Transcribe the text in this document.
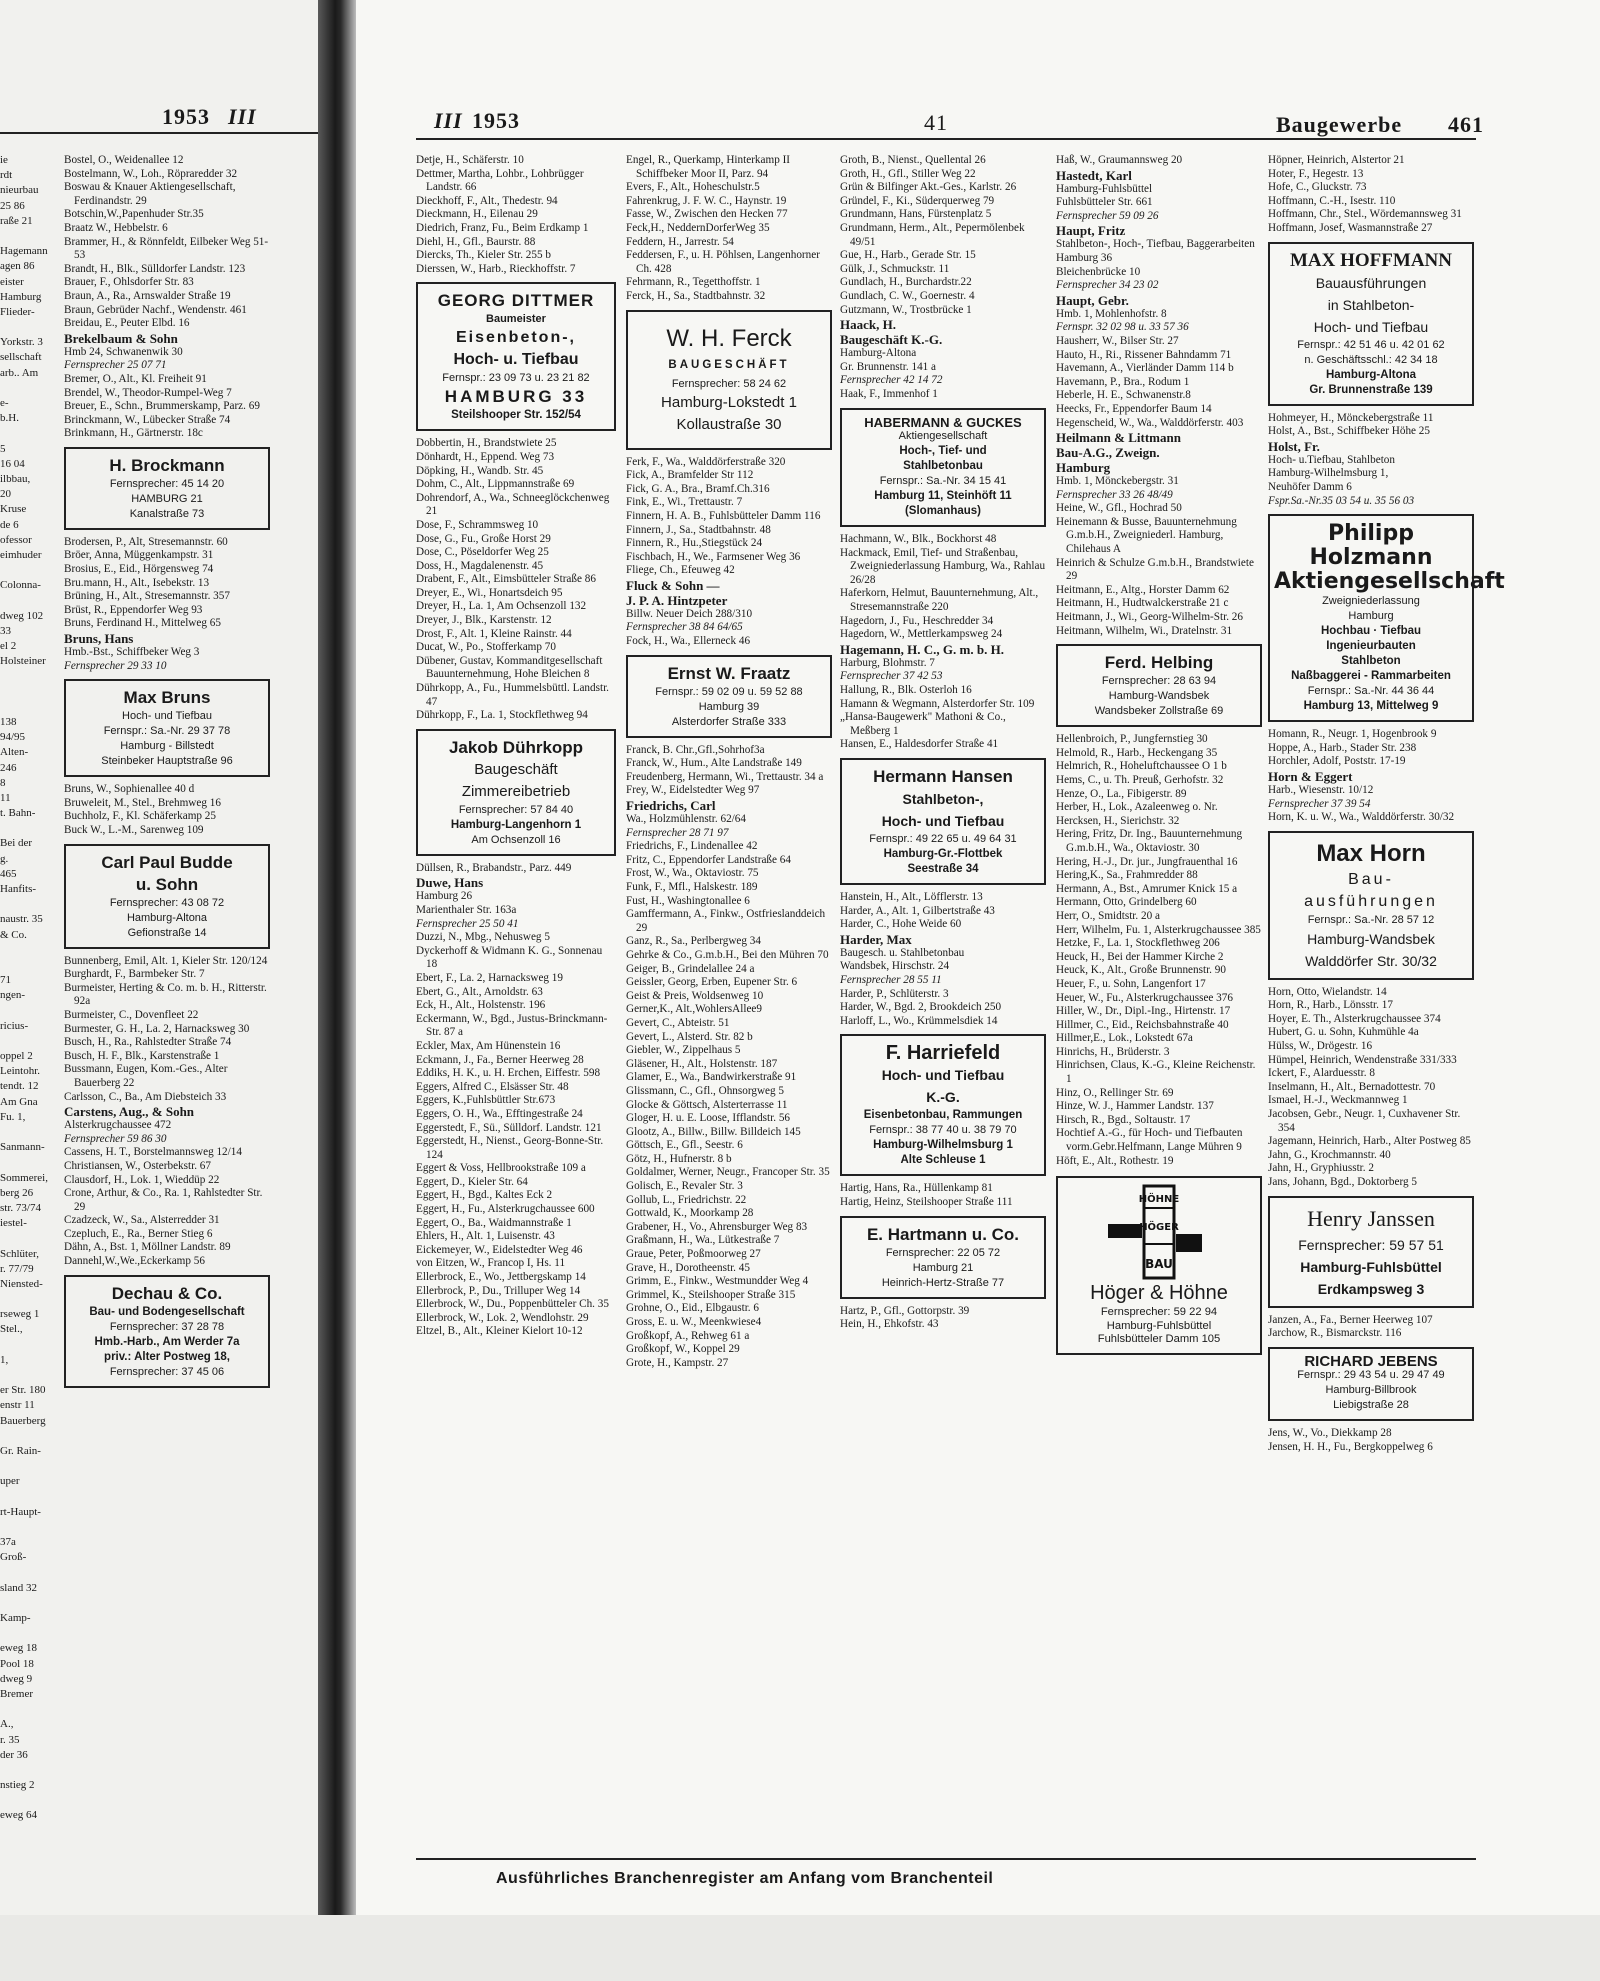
1953 III
ie
rdt
nieurbau
25 86
raße 21
Hagemann
agen 86
eister
Hamburg
Flieder-
Yorkstr. 3
sellschaft
arb.. Am
e-
b.H.
5
16 04
ilbbau,
20
Kruse
de 6
ofessor
eimhuder
Colonna-
dweg 102
33
el 2
Holsteiner
138
94/95
Alten-
246
8
11
t. Bahn-
Bei der
g.
465
Hanfits-
naustr. 35
& Co.
71
ngen-
ricius-
oppel 2
Leintohr.
tendt. 12
Am Gna
Fu. 1,
Sanmann-
Sommerei,
berg 26
str. 73/74
iestel-
Schlüter,
r. 77/79
Niensted-
rseweg 1
Stel.,
1,
er Str. 180
enstr 11
Bauerberg
Gr. Rain-
uper
rt-Haupt-
37a
Groß-
sland 32
Kamp-
eweg 18
Pool 18
dweg 9
Bremer
A.,
r. 35
der 36
nstieg 2
eweg 64

Bostel, O., Weidenallee 12

Bostelmann, W., Loh., Röpraredder 32

Boswau & Knauer Aktiengesellschaft, Ferdinandstr. 29

Botschin,W.,Papenhuder Str.35

Braatz W., Hebbelstr. 6

Brammer, H., & Rönnfeldt, Eilbeker Weg 51-53

Brandt, H., Blk., Sülldorfer Landstr. 123

Brauer, F., Ohlsdorfer Str. 83

Braun, A., Ra., Arnswalder Straße 19

Braun, Gebrüder Nachf., Wendenstr. 461

Breidau, E., Peuter Elbd. 16

Brekelbaum & Sohn

Hmb 24, Schwanenwik 30

Fernsprecher 25 07 71

Bremer, O., Alt., Kl. Freiheit 91

Brendel, W., Theodor-Rumpel-Weg 7

Breuer, E., Schn., Brummerskamp, Parz. 69

Brinckmann, W., Lübecker Straße 74

Brinkmann, H., Gärtnerstr. 18c

H. Brockmann
Fernsprecher: 45 14 20
HAMBURG 21
Kanalstraße 73

Brodersen, P., Alt, Stresemannstr. 60

Bröer, Anna, Müggenkampstr. 31

Brosius, E., Eid., Hörgensweg 74

Bru.mann, H., Alt., Isebekstr. 13

Brüning, H., Alt., Stresemannstr. 357

Brüst, R., Eppendorfer Weg 93

Bruns, Ferdinand H., Mittelweg 65

Bruns, Hans

Hmb.-Bst., Schiffbeker Weg 3

Fernsprecher 29 33 10

Max Bruns
Hoch- und Tiefbau
Fernspr.: Sa.-Nr. 29 37 78
Hamburg - Billstedt
Steinbeker Hauptstraße 96

Bruns, W., Sophienallee 40 d

Bruweleit, M., Stel., Brehmweg 16

Buchholz, F., Kl. Schäferkamp 25

Buck W., L.-M., Sarenweg 109

Carl Paul Budde
u. Sohn
Fernsprecher: 43 08 72
Hamburg-Altona
Gefionstraße 14

Bunnenberg, Emil, Alt. 1, Kieler Str. 120/124

Burghardt, F., Barmbeker Str. 7

Burmeister, Herting & Co. m. b. H., Ritterstr. 92a

Burmeister, C., Dovenfleet 22

Burmester, G. H., La. 2, Harnacksweg 30

Busch, H., Ra., Rahlstedter Straße 74

Busch, H. F., Blk., Karstenstraße 1

Bussmann, Eugen, Kom.-Ges., Alter Bauerberg 22

Carlsson, C., Ba., Am Diebsteich 33

Carstens, Aug., & Sohn

Alsterkrugchaussee 472

Fernsprecher 59 86 30

Cassens, H. T., Borstelmannsweg 12/14

Christiansen, W., Osterbekstr. 67

Clausdorf, H., Lok. 1, Wieddüp 22

Crone, Arthur, & Co., Ra. 1, Rahlstedter Str. 29

Czadzeck, W., Sa., Alsterredder 31

Czepluch, E., Ra., Berner Stieg 6

Dähn, A., Bst. 1, Möllner Landstr. 89

Dannehl,W.,We.,Eckerkamp 56

Dechau & Co.
Bau- und Bodengesellschaft
Fernsprecher: 37 28 78
Hmb.-Harb., Am Werder 7a
priv.: Alter Postweg 18,
Fernsprecher: 37 45 06
III 1953	41	Baugewerbe 461

Detje, H., Schäferstr. 10

Dettmer, Martha, Lohbr., Lohbrügger Landstr. 66

Dieckhoff, F., Alt., Thedestr. 94

Dieckmann, H., Eilenau 29

Diedrich, Franz, Fu., Beim Erdkamp 1

Diehl, H., Gfl., Baurstr. 88

Diercks, Th., Kieler Str. 255 b

Dierssen, W., Harb., Rieckhoffstr. 7

GEORG DITTMER
Baumeister
Eisenbeton-,
Hoch- u. Tiefbau
Fernspr.: 23 09 73 u. 23 21 82
HAMBURG 33
Steilshooper Str. 152/54

Dobbertin, H., Brandstwiete 25

Dönhardt, H., Eppend. Weg 73

Döpking, H., Wandb. Str. 45

Dohm, C., Alt., Lippmannstraße 69

Dohrendorf, A., Wa., Schneeglöckchenweg 21

Dose, F., Schrammsweg 10

Dose, G., Fu., Große Horst 29

Dose, C., Pöseldorfer Weg 25

Doss, H., Magdalenenstr. 45

Drabent, F., Alt., Eimsbütteler Straße 86

Dreyer, E., Wi., Honartsdeich 95

Dreyer, H., La. 1, Am Ochsenzoll 132

Dreyer, J., Blk., Karstenstr. 12

Drost, F., Alt. 1, Kleine Rainstr. 44

Ducat, W., Po., Stofferkamp 70

Dübener, Gustav, Kommanditgesellschaft Bauunternehmung, Hohe Bleichen 8

Dührkopp, A., Fu., Hummelsbüttl. Landstr. 47

Dührkopp, F., La. 1, Stockflethweg 94

Jakob Dührkopp
Baugeschäft
Zimmereibetrieb
Fernsprecher: 57 84 40
Hamburg-Langenhorn 1
Am Ochsenzoll 16

Düllsen, R., Brabandstr., Parz. 449

Duwe, Hans

Hamburg 26

Marienthaler Str. 163a

Fernsprecher 25 50 41

Duzzi, N., Mbg., Nehusweg 5

Dyckerhoff & Widmann K. G., Sonnenau 18

Ebert, F., La. 2, Harnacksweg 19

Ebert, G., Alt., Arnoldstr. 63

Eck, H., Alt., Holstenstr. 196

Eckermann, W., Bgd., Justus-Brinckmann-Str. 87 a

Eckler, Max, Am Hünenstein 16

Eckmann, J., Fa., Berner Heerweg 28

Eddiks, H. K., u. H. Erchen, Eiffestr. 598

Eggers, Alfred C., Elsässer Str. 48

Eggers, K.,Fuhlsbüttler Str.673

Eggers, O. H., Wa., Efftingestraße 24

Eggerstedt, F., Sü., Sülldorf. Landstr. 121

Eggerstedt, H., Nienst., Georg-Bonne-Str. 124

Eggert & Voss, Hellbrookstraße 109 a

Eggert, D., Kieler Str. 64

Eggert, H., Bgd., Kaltes Eck 2

Eggert, H., Fu., Alsterkrugchaussee 600

Eggert, O., Ba., Waidmannstraße 1

Ehlers, H., Alt. 1, Luisenstr. 43

Eickemeyer, W., Eidelstedter Weg 46

von Eitzen, W., Francop I, Hs. 11

Ellerbrock, E., Wo., Jettbergskamp 14

Ellerbrock, P., Du., Trilluper Weg 14

Ellerbrock, W., Du., Poppenbütteler Ch. 35

Ellerbrock, W., Lok. 2, Wendlohstr. 29

Eltzel, B., Alt., Kleiner Kielort 10-12

Engel, R., Querkamp, Hinterkamp II Schiffbeker Moor II, Parz. 94

Evers, F., Alt., Hoheschulstr.5

Fahrenkrug, J. F. W. C., Haynstr. 19

Fasse, W., Zwischen den Hecken 77

Feck,H., NeddernDorferWeg 35

Feddern, H., Jarrestr. 54

Feddersen, F., u. H. Pöhlsen, Langenhorner Ch. 428

Fehrmann, R., Tegetthoffstr. 1

Ferck, H., Sa., Stadtbahnstr. 32

W. H. Ferck
BAUGESCHÄFT
Fernsprecher: 58 24 62
Hamburg-Lokstedt 1
Kollaustraße 30

Ferk, F., Wa., Walddörferstraße 320

Fick, A., Bramfelder Str 112

Fick, G. A., Bra., Bramf.Ch.316

Fink, E., Wi., Trettaustr. 7

Finnern, H. A. B., Fuhlsbütteler Damm 116

Finnern, J., Sa., Stadtbahnstr. 48

Finnern, R., Hu.,Stiegstück 24

Fischbach, H., We., Farmsener Weg 36

Fliege, Ch., Efeuweg 42

Fluck & Sohn —

J. P. A. Hintzpeter

Billw. Neuer Deich 288/310

Fernsprecher 38 84 64/65

Fock, H., Wa., Ellerneck 46

Ernst W. Fraatz
Fernspr.: 59 02 09 u. 59 52 88
Hamburg 39
Alsterdorfer Straße 333

Franck, B. Chr.,Gfl.,Sohrhof3a

Franck, W., Hum., Alte Landstraße 149

Freudenberg, Hermann, Wi., Trettaustr. 34 a

Frey, W., Eidelstedter Weg 97

Friedrichs, Carl

Wa., Holzmühlenstr. 62/64

Fernsprecher 28 71 97

Friedrichs, F., Lindenallee 42

Fritz, C., Eppendorfer Landstraße 64

Frost, W., Wa., Oktaviostr. 75

Funk, F., Mfl., Halskestr. 189

Fust, H., Washingtonallee 6

Gamffermann, A., Finkw., Ostfrieslanddeich 29

Ganz, R., Sa., Perlbergweg 34

Gehrke & Co., G.m.b.H., Bei den Mühren 70

Geiger, B., Grindelallee 24 a

Geissler, Georg, Erben, Eupener Str. 6

Geist & Preis, Woldsenweg 10

Gerner,K., Alt.,WohlersAllee9

Gevert, C., Abteistr. 51

Gevert, L., Alsterd. Str. 82 b

Giebler, W., Zippelhaus 5

Gläsener, H., Alt., Holstenstr. 187

Glamer, E., Wa., Bandwirkerstraße 91

Glissmann, C., Gfl., Ohnsorgweg 5

Glocke & Göttsch, Alsterterrasse 11

Gloger, H. u. E. Loose, Ifflandstr. 56

Glootz, A., Billw., Billw. Billdeich 145

Göttsch, E., Gfl., Seestr. 6

Götz, H., Hufnerstr. 8 b

Goldalmer, Werner, Neugr., Francoper Str. 35

Golisch, E., Revaler Str. 3

Gollub, L., Friedrichstr. 22

Gottwald, K., Moorkamp 28

Grabener, H., Vo., Ahrensburger Weg 83

Graßmann, H., Wa., Lütkestraße 7

Graue, Peter, Poßmoorweg 27

Grave, H., Dorotheenstr. 45

Grimm, E., Finkw., Westmundder Weg 4

Grimmel, K., Steilshooper Straße 315

Grohne, O., Eid., Elbgaustr. 6

Gross, E. u. W., Meenkwiese4

Großkopf, A., Rehweg 61 a

Großkopf, W., Koppel 29

Grote, H., Kampstr. 27

Groth, B., Nienst., Quellental 26

Groth, H., Gfl., Stiller Weg 22

Grün & Bilfinger Akt.-Ges., Karlstr. 26

Gründel, F., Ki., Süderquerweg 79

Grundmann, Hans, Fürstenplatz 5

Grundmann, Herm., Alt., Pepermölenbek 49/51

Gue, H., Harb., Gerade Str. 15

Gülk, J., Schmuckstr. 11

Gundlach, H., Burchardstr.22

Gundlach, C. W., Goernestr. 4

Gutzmann, W., Trostbrücke 1

Haack, H.

Baugeschäft K.-G.

Hamburg-Altona

Gr. Brunnenstr. 141 a

Fernsprecher 42 14 72

Haak, F., Immenhof 1

HABERMANN & GUCKES
Aktiengesellschaft
Hoch-, Tief- und
Stahlbetonbau
Fernspr.: Sa.-Nr. 34 15 41
Hamburg 11, Steinhöft 11
(Slomanhaus)

Hachmann, W., Blk., Bockhorst 48

Hackmack, Emil, Tief- und Straßenbau, Zweigniederlassung Hamburg, Wa., Rahlau 26/28

Haferkorn, Helmut, Bauunternehmung, Alt., Stresemannstraße 220

Hagedorn, J., Fu., Heschredder 34

Hagedorn, W., Mettlerkampsweg 24

Hagemann, H. C., G. m. b. H.

Harburg, Blohmstr. 7

Fernsprecher 37 42 53

Hallung, R., Blk. Osterloh 16

Hamann & Wegmann, Alsterdorfer Str. 109

„Hansa-Baugewerk" Mathoni & Co., Meßberg 1

Hansen, E., Haldesdorfer Straße 41

Hermann Hansen
Stahlbeton-,
Hoch- und Tiefbau
Fernspr.: 49 22 65 u. 49 64 31
Hamburg-Gr.-Flottbek
Seestraße 34

Hanstein, H., Alt., Löfflerstr. 13

Harder, A., Alt. 1, Gilbertstraße 43

Harder, C., Hohe Weide 60

Harder, Max

Baugesch. u. Stahlbetonbau

Wandsbek, Hirschstr. 24

Fernsprecher 28 55 11

Harder, P., Schlüterstr. 3

Harder, W., Bgd. 2, Brookdeich 250

Harloff, L., Wo., Krümmelsdiek 14

F. Harriefeld
Hoch- und Tiefbau
K.-G.
Eisenbetonbau, Rammungen
Fernspr.: 38 77 40 u. 38 79 70
Hamburg-Wilhelmsburg 1
Alte Schleuse 1

Hartig, Hans, Ra., Hüllenkamp 81

Hartig, Heinz, Steilshooper Straße 111

E. Hartmann u. Co.
Fernsprecher: 22 05 72
Hamburg 21
Heinrich-Hertz-Straße 77

Hartz, P., Gfl., Gottorpstr. 39

Hein, H., Ehkofstr. 43

Haß, W., Graumannsweg 20

Hastedt, Karl

Hamburg-Fuhlsbüttel

Fuhlsbütteler Str. 661

Fernsprecher 59 09 26

Haupt, Fritz

Stahlbeton-, Hoch-, Tiefbau, Baggerarbeiten

Hamburg 36

Bleichenbrücke 10

Fernsprecher 34 23 02

Haupt, Gebr.

Hmb. 1, Mohlenhofstr. 8

Fernspr. 32 02 98 u. 33 57 36

Hausherr, W., Bilser Str. 27

Hauto, H., Ri., Rissener Bahndamm 71

Havemann, A., Vierländer Damm 114 b

Havemann, P., Bra., Rodum 1

Heberle, H. E., Schwanenstr.8

Heecks, Fr., Eppendorfer Baum 14

Hegenscheid, W., Wa., Walddörferstr. 403

Heilmann & Littmann

Bau-A.G., Zweign.

Hamburg

Hmb. 1, Mönckebergstr. 31

Fernsprecher 33 26 48/49

Heine, W., Gfl., Hochrad 50

Heinemann & Busse, Bauunternehmung G.m.b.H., Zweigniederl. Hamburg, Chilehaus A

Heinrich & Schulze G.m.b.H., Brandstwiete 29

Heitmann, E., Altg., Horster Damm 62

Heitmann, H., Hudtwalckerstraße 21 c

Heitmann, J., Wi., Georg-Wilhelm-Str. 26

Heitmann, Wilhelm, Wi., Dratelnstr. 31

Ferd. Helbing
Fernsprecher: 28 63 94
Hamburg-Wandsbek
Wandsbeker Zollstraße 69

Hellenbroich, P., Jungfernstieg 30

Helmold, R., Harb., Heckengang 35

Helmrich, R., Hoheluftchaussee O 1 b

Hems, C., u. Th. Preuß, Gerhofstr. 32

Henze, O., La., Fibigerstr. 89

Herber, H., Lok., Azaleenweg o. Nr.

Hercksen, H., Sierichstr. 32

Hering, Fritz, Dr. Ing., Bauunternehmung G.m.b.H., Wa., Oktaviostr. 30

Hering, H.-J., Dr. jur., Jungfrauenthal 16

Hering,K., Sa., Frahmredder 88

Hermann, A., Bst., Amrumer Knick 15 a

Hermann, Otto, Grindelberg 60

Herr, O., Smidtstr. 20 a

Herr, Wilhelm, Fu. 1, Alsterkrugchaussee 385

Hetzke, F., La. 1, Stockflethweg 206

Heuck, H., Bei der Hammer Kirche 2

Heuck, K., Alt., Große Brunnenstr. 90

Heuer, F., u. Sohn, Langenfort 17

Heuer, W., Fu., Alsterkrugchaussee 376

Hiller, W., Dr., Dipl.-Ing., Hirtenstr. 17

Hillmer, C., Eid., Reichsbahnstraße 40

Hillmer,E., Lok., Lokstedt 67a

Hinrichs, H., Brüderstr. 3

Hinrichsen, Claus, K.-G., Kleine Reichenstr. 1

Hinz, O., Rellinger Str. 69

Hinze, W. J., Hammer Landstr. 137

Hirsch, R., Bgd., Soltaustr. 17

Hochtief A.-G., für Hoch- und Tiefbauten vorm.Gebr.Helfmann, Lange Mühren 9

Höft, E., Alt., Rothestr. 19

HÖHNE
HÖGER
BAU
Höger & Höhne
Fernsprecher: 59 22 94
Hamburg-Fuhlsbüttel
Fuhlsbütteler Damm 105

Höpner, Heinrich, Alstertor 21

Hoter, F., Hegestr. 13

Hofe, C., Gluckstr. 73

Hoffmann, C.-H., Isestr. 110

Hoffmann, Chr., Stel., Wördemannsweg 31

Hoffmann, Josef, Wasmannstraße 27

MAX HOFFMANN
Bauausführungen
in Stahlbeton-
Hoch- und Tiefbau
Fernspr.: 42 51 46 u. 42 01 62
n. Geschäftsschl.: 42 34 18
Hamburg-Altona
Gr. Brunnenstraße 139

Hohmeyer, H., Mönckebergstraße 11

Holst, A., Bst., Schiffbeker Höhe 25

Holst, Fr.

Hoch- u.Tiefbau, Stahlbeton

Hamburg-Wilhelmsburg 1,

Neuhöfer Damm 6

Fspr.Sa.-Nr.35 03 54 u. 35 56 03

Philipp Holzmann
Aktiengesellschaft
Zweigniederlassung
Hamburg
Hochbau · Tiefbau
Ingenieurbauten
Stahlbeton
Naßbaggerei - Rammarbeiten
Fernspr.: Sa.-Nr. 44 36 44
Hamburg 13, Mittelweg 9

Homann, R., Neugr. 1, Hogenbrook 9

Hoppe, A., Harb., Stader Str. 238

Horchler, Adolf, Poststr. 17-19

Horn & Eggert

Harb., Wiesenstr. 10/12

Fernsprecher 37 39 54

Horn, K. u. W., Wa., Walddörferstr. 30/32

Max Horn
Bau-
ausführungen
Fernspr.: Sa.-Nr. 28 57 12
Hamburg-Wandsbek
Walddörfer Str. 30/32

Horn, Otto, Wielandstr. 14

Horn, R., Harb., Lönsstr. 17

Hoyer, E. Th., Alsterkrugchaussee 374

Hubert, G. u. Sohn, Kuhmühle 4a

Hülss, W., Drögestr. 16

Hümpel, Heinrich, Wendenstraße 331/333

Ickert, F., Alarduesstr. 8

Inselmann, H., Alt., Bernadottestr. 70

Ismael, H.-J., Weckmannweg 1

Jacobsen, Gebr., Neugr. 1, Cuxhavener Str. 354

Jagemann, Heinrich, Harb., Alter Postweg 85

Jahn, G., Krochmannstr. 40

Jahn, H., Gryphiusstr. 2

Jans, Johann, Bgd., Doktorberg 5

Henry Janssen
Fernsprecher: 59 57 51
Hamburg-Fuhlsbüttel
Erdkampsweg 3

Janzen, A., Fa., Berner Heerweg 107

Jarchow, R., Bismarckstr. 116

RICHARD JEBENS
Fernspr.: 29 43 54 u. 29 47 49
Hamburg-Billbrook
Liebigstraße 28

Jens, W., Vo., Diekkamp 28

Jensen, H. H., Fu., Bergkoppelweg 6

Ausführliches Branchenregister am Anfang vom Branchenteil
